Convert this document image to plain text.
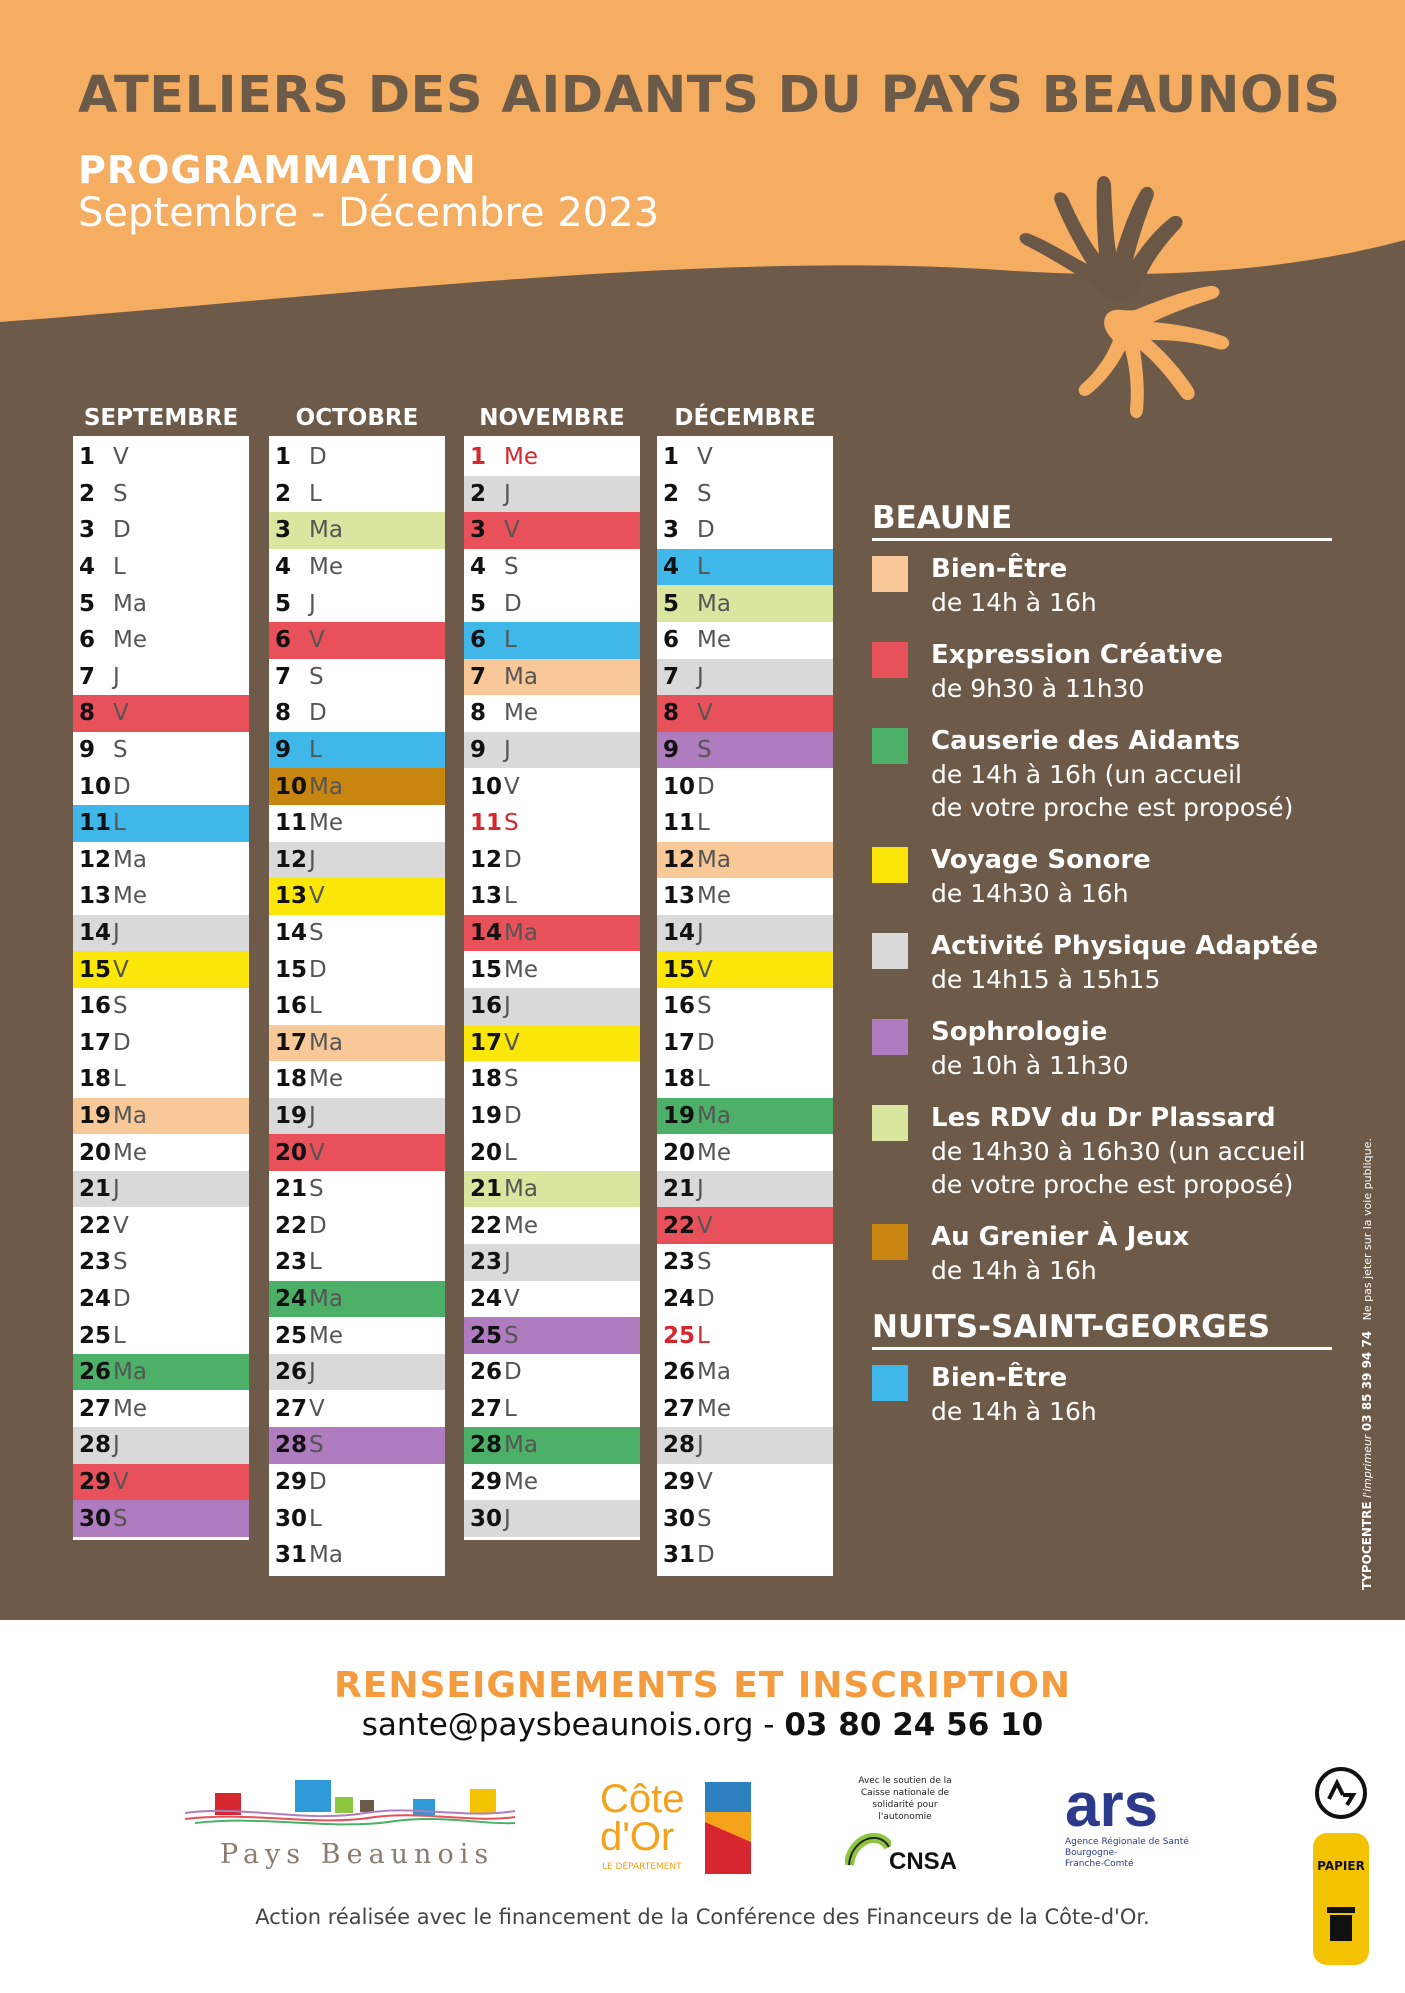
ATELIERS DES AIDANTS DU PAYS BEAUNOIS
PROGRAMMATION
Septembre - Décembre 2023
SEPTEMBRE
1 V
2 S
3 D
4 L
5 Ma
6 Me
7 J
8 V
9 S
10 D
11 L
12 Ma
13 Me
14 J
15 V
16 S
17 D
18 L
19 Ma
20 Me
21 J
22 V
23 S
24 D
25 L
26 Ma
27 Me
28 J
29 V
30 S
OCTOBRE
1 D
2 L
3 Ma
4 Me
5 J
6 V
7 S
8 D
9 L
10 Ma
11 Me
12 J
13 V
14 S
15 D
16 L
17 Ma
18 Me
19 J
20 V
21 S
22 D
23 L
24 Ma
25 Me
26 J
27 V
28 S
29 D
30 L
31 Ma
NOVEMBRE
1 Me
2 J
3 V
4 S
5 D
6 L
7 Ma
8 Me
9 J
10 V
11 S
12 D
13 L
14 Ma
15 Me
16 J
17 V
18 S
19 D
20 L
21 Ma
22 Me
23 J
24 V
25 S
26 D
27 L
28 Ma
29 Me
30 J
DÉCEMBRE
1 V
2 S
3 D
4 L
5 Ma
6 Me
7 J
8 V
9 S
10 D
11 L
12 Ma
13 Me
14 J
15 V
16 S
17 D
18 L
19 Ma
20 Me
21 J
22 V
23 S
24 D
25 L
26 Ma
27 Me
28 J
29 V
30 S
31 D
BEAUNE
Bien-Être
de 14h à 16h
Expression Créative
de 9h30 à 11h30
Causerie des Aidants
de 14h à 16h (un accueil
de votre proche est proposé)
Voyage Sonore
de 14h30 à 16h
Activité Physique Adaptée
de 14h15 à 15h15
Sophrologie
de 10h à 11h30
Les RDV du Dr Plassard
de 14h30 à 16h30 (un accueil
de votre proche est proposé)
Au Grenier À Jeux
de 14h à 16h
NUITS-SAINT-GEORGES
Bien-Être
de 14h à 16h
TYPOCENTRE l'imprimeur 03 85 39 94 74   Ne pas jeter sur la voie publique.
RENSEIGNEMENTS ET INSCRIPTION
sante@paysbeaunois.org - 03 80 24 56 10
Pays Beaunois
Côte
d'Or
LE DÉPARTEMENT
Avec le soutien de la Caisse nationale de solidarité pour l'autonomie
CNSA
ars
Agence Régionale de Santé
Bourgogne-
Franche-Comté	PAPIER
Action réalisée avec le financement de la Conférence des Financeurs de la Côte-d'Or.
